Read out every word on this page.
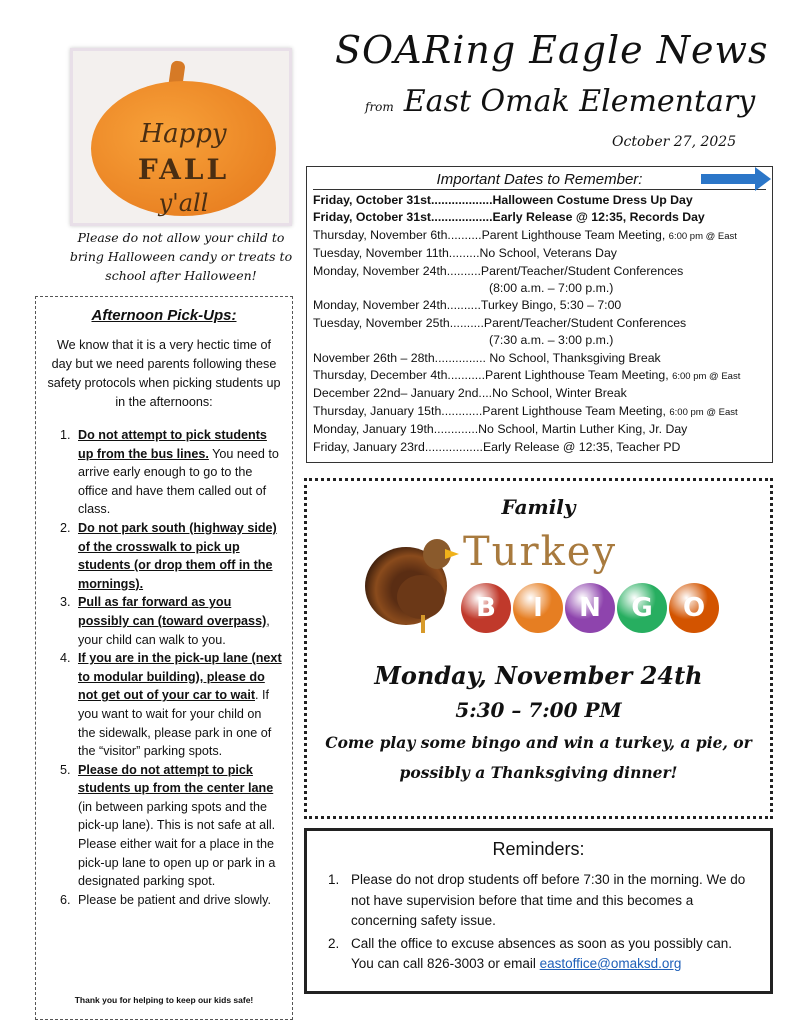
SOARing Eagle News
from East Omak Elementary
October 27, 2025
Happy
FALL
y'all
Please do not allow your child to bring Halloween candy or treats to school after Halloween!
Afternoon Pick-Ups:

We know that it is a very hectic time of day but we need parents following these safety protocols when picking students up in the afternoons:

1. Do not attempt to pick students up from the bus lines. You need to arrive early enough to go to the office and have them called out of class.
2. Do not park south (highway side) of the crosswalk to pick up students (or drop them off in the mornings).
3. Pull as far forward as you possibly can (toward overpass), your child can walk to you.
4. If you are in the pick-up lane (next to modular building), please do not get out of your car to wait. If you want to wait for your child on the sidewalk, please park in one of the “visitor” parking spots.
5. Please do not attempt to pick students up from the center lane (in between parking spots and the pick-up lane). This is not safe at all. Please either wait for a place in the pick-up lane to open up or park in a designated parking spot.
6. Please be patient and drive slowly.
Thank you for helping to keep our kids safe!
Important Dates to Remember:
Friday, October 31st..................Halloween Costume Dress Up Day
Friday, October 31st..................Early Release @ 12:35, Records Day
Thursday, November 6th..........Parent Lighthouse Team Meeting, 6:00 pm @ East
Tuesday, November 11th.........No School, Veterans Day
Monday, November 24th..........Parent/Teacher/Student Conferences
(8:00 a.m. – 7:00 p.m.)
Monday, November 24th..........Turkey Bingo, 5:30 – 7:00
Tuesday, November 25th..........Parent/Teacher/Student Conferences
(7:30 a.m. – 3:00 p.m.)
November 26th – 28th............... No School, Thanksgiving Break
Thursday, December 4th...........Parent Lighthouse Team Meeting, 6:00 pm @ East
December 22nd– January 2nd....No School, Winter Break
Thursday, January 15th............Parent Lighthouse Team Meeting, 6:00 pm @ East
Monday, January 19th.............No School, Martin Luther King, Jr. Day
Friday, January 23rd.................Early Release @ 12:35, Teacher PD
Family
Turkey
B	I	N	G	O
Monday, November 24th
5:30 – 7:00 PM
Come play some bingo and win a turkey, a pie, or possibly a Thanksgiving dinner!
Reminders:
1. Please do not drop students off before 7:30 in the morning. We do not have supervision before that time and this becomes a concerning safety issue.
2. Call the office to excuse absences as soon as you possibly can. You can call 826-3003 or email eastoffice@omaksd.org
